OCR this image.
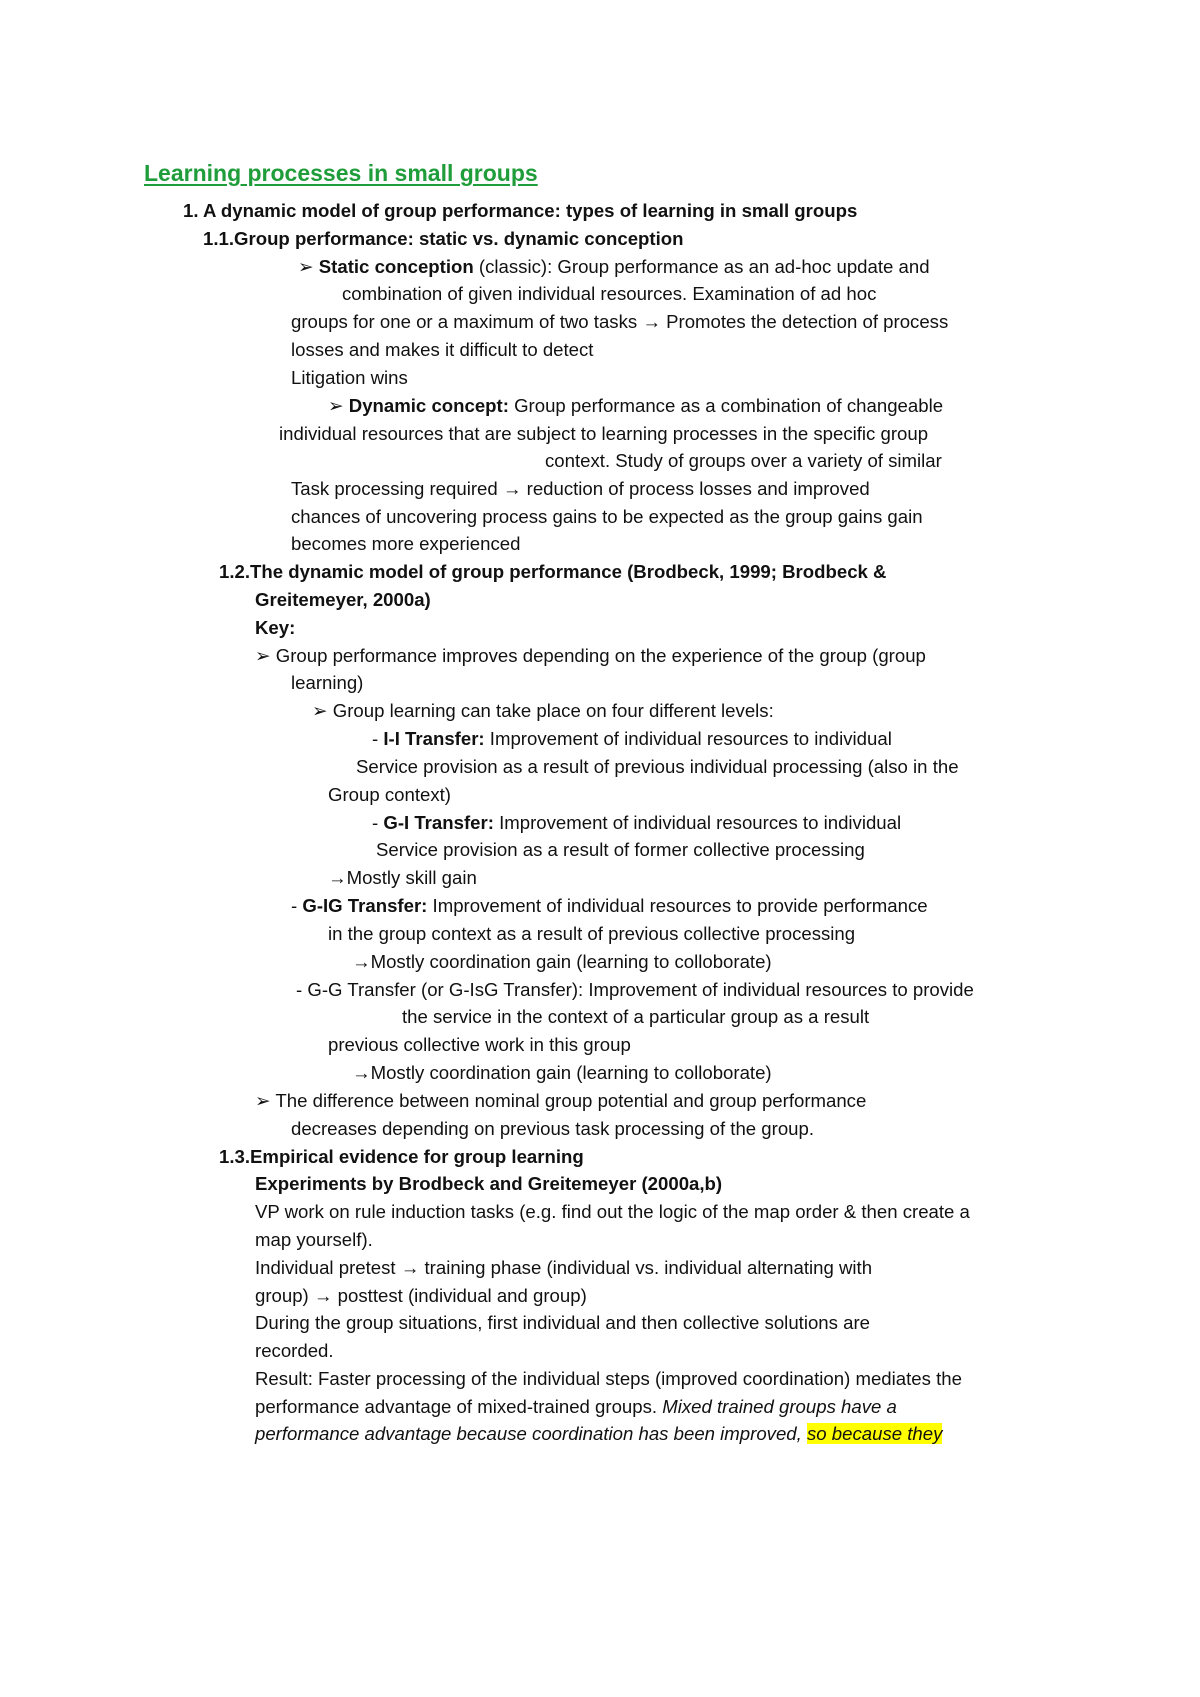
Learning processes in small groups
1. A dynamic model of group performance: types of learning in small groups
1.1.Group performance: static vs. dynamic conception
➢ Static conception (classic): Group performance as an ad-hoc update and
combination of given individual resources. Examination of ad hoc
groups for one or a maximum of two tasks → Promotes the detection of process
losses and makes it difficult to detect
Litigation wins
➢ Dynamic concept: Group performance as a combination of changeable
individual resources that are subject to learning processes in the specific group
context. Study of groups over a variety of similar
Task processing required → reduction of process losses and improved
chances of uncovering process gains to be expected as the group gains gain
becomes more experienced
1.2.The dynamic model of group performance (Brodbeck, 1999; Brodbeck &
Greitemeyer, 2000a)
Key:
➢ Group performance improves depending on the experience of the group (group
learning)
➢ Group learning can take place on four different levels:
- I-I Transfer: Improvement of individual resources to individual
Service provision as a result of previous individual processing (also in the
Group context)
- G-I Transfer: Improvement of individual resources to individual
Service provision as a result of former collective processing
→Mostly skill gain
- G-IG Transfer: Improvement of individual resources to provide performance
in the group context as a result of previous collective processing
→Mostly coordination gain (learning to colloborate)
- G-G Transfer (or G-IsG Transfer): Improvement of individual resources to provide
the service in the context of a particular group as a result
previous collective work in this group
→Mostly coordination gain (learning to colloborate)
➢ The difference between nominal group potential and group performance
decreases depending on previous task processing of the group.
1.3.Empirical evidence for group learning
Experiments by Brodbeck and Greitemeyer (2000a,b)
VP work on rule induction tasks (e.g. find out the logic of the map order & then create a
map yourself).
Individual pretest → training phase (individual vs. individual alternating with
group) → posttest (individual and group)
During the group situations, first individual and then collective solutions are
recorded.
Result: Faster processing of the individual steps (improved coordination) mediates the
performance advantage of mixed-trained groups. Mixed trained groups have a
performance advantage because coordination has been improved, so because they
